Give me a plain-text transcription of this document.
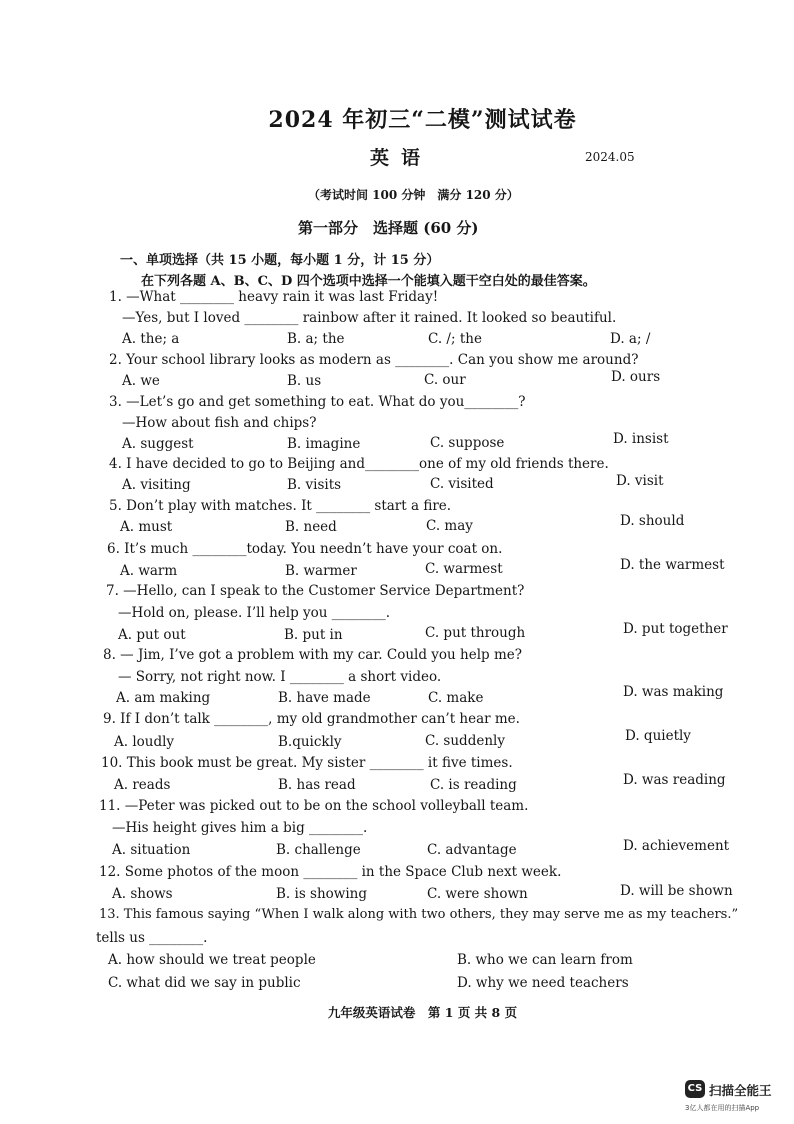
2024 年初三“二模”测试试卷
英语	2024.05
（考试时间 100 分钟　满分 120 分）
第一部分　选择题 (60 分)
一、单项选择（共 15 小题，每小题 1 分，计 15 分）
在下列各题 A、B、C、D 四个选项中选择一个能填入题干空白处的最佳答案。
1. —What ________ heavy rain it was last Friday!
—Yes, but I loved ________ rainbow after it rained. It looked so beautiful.
A. the; a	B. a; the	C. /; the	D. a; /
2. Your school library looks as modern as ________. Can you show me around?
A. we	B. us	C. our	D. ours
3. —Let’s go and get something to eat. What do you________?
—How about fish and chips?
A. suggest	B. imagine	C. suppose	D. insist
4. I have decided to go to Beijing and________one of my old friends there.
A. visiting	B. visits	C. visited	D. visit
5. Don’t play with matches. It ________ start a fire.
A. must	B. need	C. may	D. should
6. It’s much ________today. You needn’t have your coat on.
A. warm	B. warmer	C. warmest	D. the warmest
7. —Hello, can I speak to the Customer Service Department?
—Hold on, please. I’ll help you ________.
A. put out	B. put in	C. put through	D. put together
8. — Jim, I’ve got a problem with my car. Could you help me?
— Sorry, not right now. I ________ a short video.
A. am making	B. have made	C. make	D. was making
9. If I don’t talk ________, my old grandmother can’t hear me.
A. loudly	B.quickly	C. suddenly	D. quietly
10. This book must be great. My sister ________ it five times.
A. reads	B. has read	C. is reading	D. was reading
11. —Peter was picked out to be on the school volleyball team.
—His height gives him a big ________.
A. situation	B. challenge	C. advantage	D. achievement
12. Some photos of the moon ________ in the Space Club next week.
A. shows	B. is showing	C. were shown	D. will be shown
13. This famous saying “When I walk along with two others, they may serve me as my teachers.”
tells us ________.
A. how should we treat people	B. who we can learn from
C. what did we say in public	D. why we need teachers
九年级英语试卷　第 1 页 共 8 页
CS 扫描全能王
3亿人都在用的扫描App
